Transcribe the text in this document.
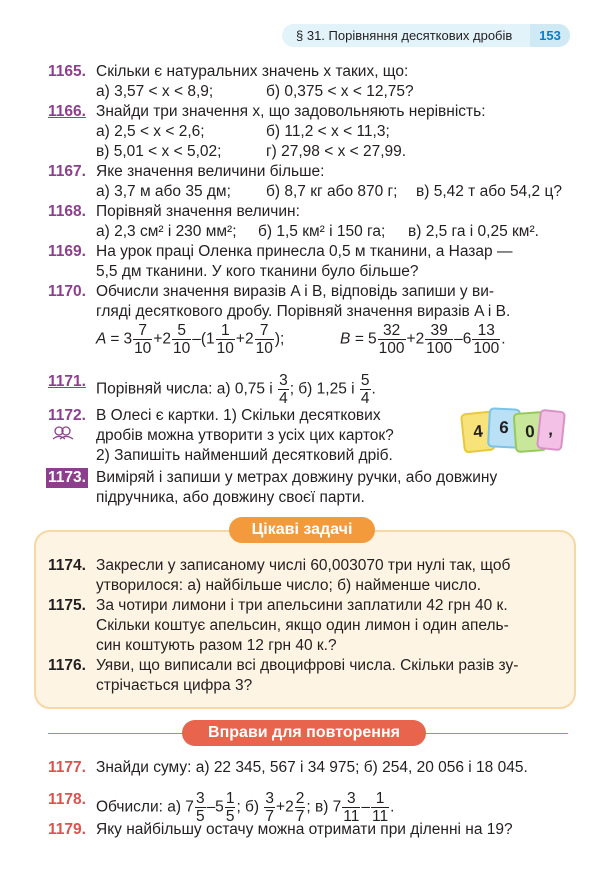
§ 31. Порівняння десяткових дробів	153
1165. Скільки є натуральних значень x таких, що:
а) 3,57 < x < 8,9;	б) 0,375 < x < 12,75?
1166. Знайди три значення x, що задовольняють нерівність:
а) 2,5 < x < 2,6;	б) 11,2 < x < 11,3;
в) 5,01 < x < 5,02;	г) 27,98 < x < 27,99.
1167. Яке значення величини більше:
а) 3,7 м або 35 дм; б) 8,7 кг або 870 г; в) 5,42 т або 54,2 ц?
1168. Порівняй значення величин:
а) 2,3 см² і 230 мм²; б) 1,5 км² і 150 га; в) 2,5 га і 0,25 км².
1169. На урок праці Оленка принесла 0,5 м тканини, а Назар —
5,5 дм тканини. У кого тканини було більше?
1170. Обчисли значення виразів A і B, відповідь запиши у ви-
гляді десяткового дробу. Порівняй значення виразів A і B.
$A = 3 \frac{7}{10} +2 \frac{5}{10} -(1 \frac{1}{10} +2 \frac{7}{10}$ );	$B = 5 \frac{32}{100} +2 \frac{39}{100} -6 \frac{13}{100}$ .
1171. Порівняй числа: а) 0,75 і $\frac{3}{4}$ ; б) 1,25 і $\frac{5}{4}$ .
1172. В Олесі є картки. 1) Скільки десяткових
дробів можна утворити з усіх цих карток?
2) Запишіть найменший десятковий дріб.
4 6 0 ,
1173. Виміряй і запиши у метрах довжину ручки, або довжину
підручника, або довжину своєї парти.
Цікаві задачі
1174. Закресли у записаному числі 60,003070 три нулі так, щоб
утворилося: а) найбільше число; б) найменше число.
1175. За чотири лимони і три апельсини заплатили 42 грн 40 к.
Скільки коштує апельсин, якщо один лимон і один апель-
син коштують разом 12 грн 40 к.?
1176. Уяви, що виписали всі двоцифрові числа. Скільки разів зу-
стрічається цифра 3?
Вправи для повторення
1177. Знайди суму: а) 22 345, 567 і 34 975; б) 254, 20 056 і 18 045.
1178. Обчисли: а) $7 \frac{3}{5} -5 \frac{1}{5}$ ; $б) \frac{3}{7} +2 \frac{2}{7}$ ; в) $7 \frac{3}{11} - \frac{1}{11}$ .
1179. Яку найбільшу остачу можна отримати при діленні на 19?
